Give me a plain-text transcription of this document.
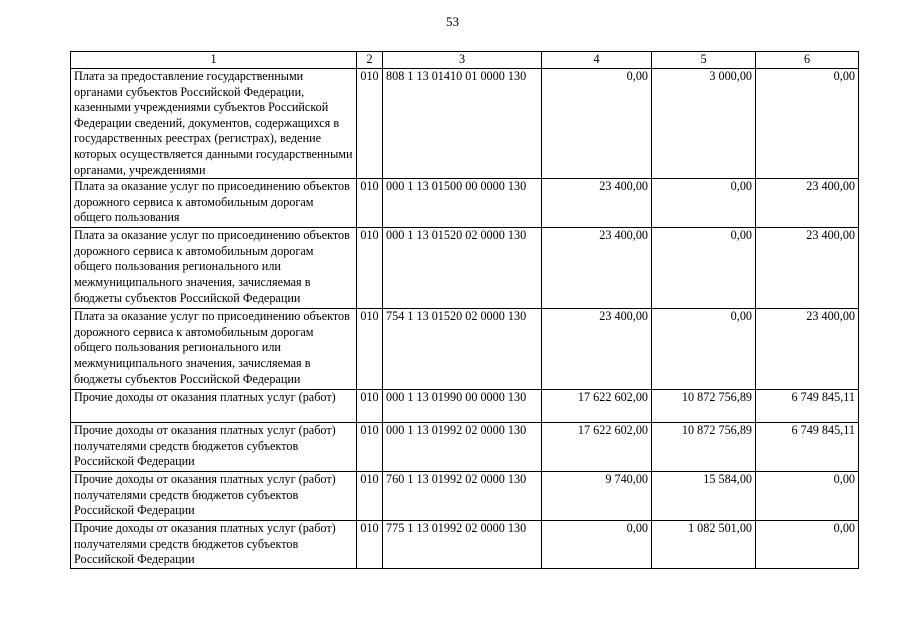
53
1	2	3	4	5	6
Плата за предоставление государственными органами субъектов Российской Федерации, казенными учреждениями субъектов Российской Федерации сведений, документов, содержащихся в государственных реестрах (регистрах), ведение которых осуществляется данными государственными органами, учреждениями	010	808 1 13 01410 01 0000 130	0,00	3 000,00	0,00
Плата за оказание услуг по присоединению объектов дорожного сервиса к автомобильным дорогам общего пользования	010	000 1 13 01500 00 0000 130	23 400,00	0,00	23 400,00
Плата за оказание услуг по присоединению объектов дорожного сервиса к автомобильным дорогам общего пользования регионального или межмуниципального значения, зачисляемая в бюджеты субъектов Российской Федерации	010	000 1 13 01520 02 0000 130	23 400,00	0,00	23 400,00
Плата за оказание услуг по присоединению объектов дорожного сервиса к автомобильным дорогам общего пользования регионального или межмуниципального значения, зачисляемая в бюджеты субъектов Российской Федерации	010	754 1 13 01520 02 0000 130	23 400,00	0,00	23 400,00
Прочие доходы от оказания платных услуг (работ)	010	000 1 13 01990 00 0000 130	17 622 602,00	10 872 756,89	6 749 845,11
Прочие доходы от оказания платных услуг (работ) получателями средств бюджетов субъектов Российской Федерации	010	000 1 13 01992 02 0000 130	17 622 602,00	10 872 756,89	6 749 845,11
Прочие доходы от оказания платных услуг (работ) получателями средств бюджетов субъектов Российской Федерации	010	760 1 13 01992 02 0000 130	9 740,00	15 584,00	0,00
Прочие доходы от оказания платных услуг (работ) получателями средств бюджетов субъектов Российской Федерации	010	775 1 13 01992 02 0000 130	0,00	1 082 501,00	0,00
